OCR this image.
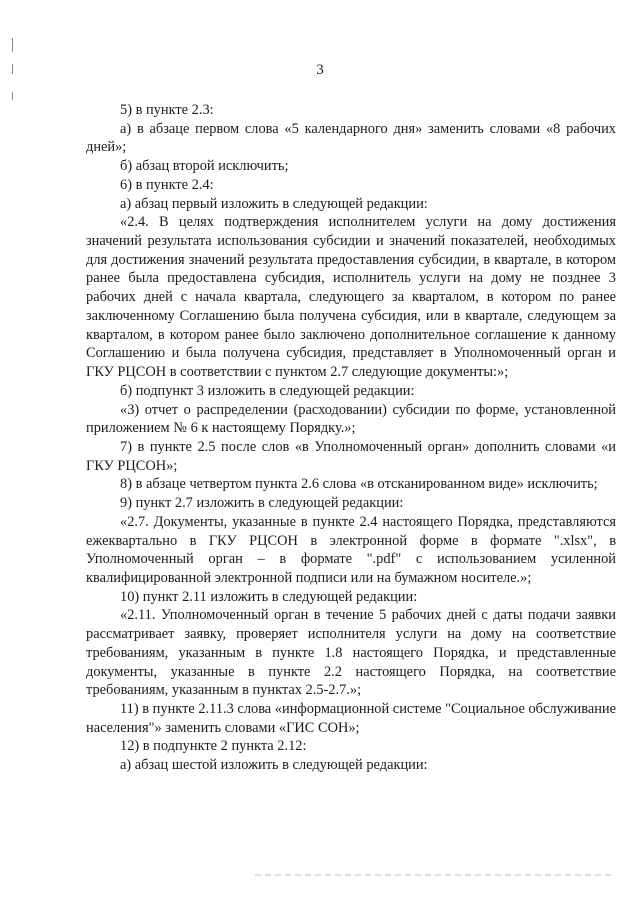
3

5) в пункте 2.3:

а) в абзаце первом слова «5 календарного дня» заменить словами «8 рабочих дней»;

б) абзац второй исключить;

6) в пункте 2.4:

а) абзац первый изложить в следующей редакции:

«2.4. В целях подтверждения исполнителем услуги на дому достижения значений результата использования субсидии и значений показателей, необходимых для достижения значений результата предоставления субсидии, в квартале, в котором ранее была предоставлена субсидия, исполнитель услуги на дому не позднее 3 рабочих дней с начала квартала, следующего за кварталом, в котором по ранее заключенному Соглашению была получена субсидия, или в квартале, следующем за кварталом, в котором ранее было заключено дополнительное соглашение к данному Соглашению и была получена субсидия, представляет в Уполномоченный орган и ГКУ РЦСОН в соответствии с пунктом 2.7 следующие документы:»;

б) подпункт 3 изложить в следующей редакции:

«3) отчет о распределении (расходовании) субсидии по форме, установленной приложением № 6 к настоящему Порядку.»;

7) в пункте 2.5 после слов «в Уполномоченный орган» дополнить словами «и ГКУ РЦСОН»;

8) в абзаце четвертом пункта 2.6 слова «в отсканированном виде» исключить;

9) пункт 2.7 изложить в следующей редакции:

«2.7. Документы, указанные в пункте 2.4 настоящего Порядка, представляются ежеквартально в ГКУ РЦСОН в электронной форме в формате ".xlsx", в Уполномоченный орган – в формате ".pdf" с использованием усиленной квалифицированной электронной подписи или на бумажном носителе.»;

10) пункт 2.11 изложить в следующей редакции:

«2.11. Уполномоченный орган в течение 5 рабочих дней с даты подачи заявки рассматривает заявку, проверяет исполнителя услуги на дому на соответствие требованиям, указанным в пункте 1.8 настоящего Порядка, и представленные документы, указанные в пункте 2.2 настоящего Порядка, на соответствие требованиям, указанным в пунктах 2.5-2.7.»;

11) в пункте 2.11.3 слова «информационной системе "Социальное обслуживание населения"» заменить словами «ГИС СОН»;

12) в подпункте 2 пункта 2.12:

а) абзац шестой изложить в следующей редакции:
